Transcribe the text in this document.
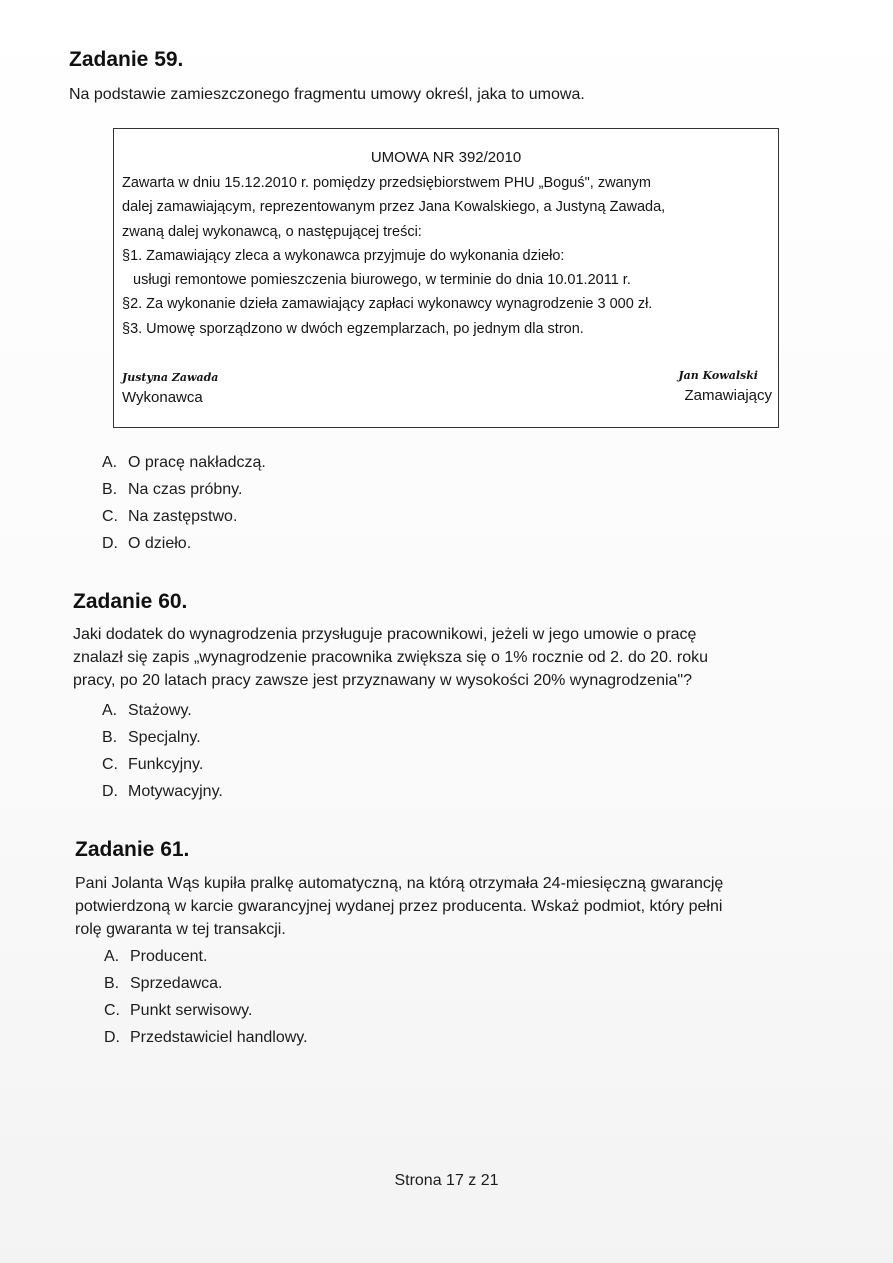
Zadanie 59.
Na podstawie zamieszczonego fragmentu umowy określ, jaka to umowa.
UMOWA NR 392/2010
Zawarta w dniu 15.12.2010 r. pomiędzy przedsiębiorstwem PHU „Boguś", zwanym
dalej zamawiającym, reprezentowanym przez Jana Kowalskiego, a Justyną Zawada,
zwaną dalej wykonawcą, o następującej treści:
§1. Zamawiający zleca a wykonawca przyjmuje do wykonania dzieło:
usługi remontowe pomieszczenia biurowego, w terminie do dnia 10.01.2011 r.
§2. Za wykonanie dzieła zamawiający zapłaci wykonawcy wynagrodzenie 3 000 zł.
§3. Umowę sporządzono w dwóch egzemplarzach, po jednym dla stron.
Justyna Zawada
Wykonawca
Jan Kowalski
Zamawiający
A. O pracę nakładczą.
B. Na czas próbny.
C. Na zastępstwo.
D. O dzieło.
Zadanie 60.
Jaki dodatek do wynagrodzenia przysługuje pracownikowi, jeżeli w jego umowie o pracę
znalazł się zapis „wynagrodzenie pracownika zwiększa się o 1% rocznie od 2. do 20. roku
pracy, po 20 latach pracy zawsze jest przyznawany w wysokości 20% wynagrodzenia"?
A. Stażowy.
B. Specjalny.
C. Funkcyjny.
D. Motywacyjny.
Zadanie 61.
Pani Jolanta Wąs kupiła pralkę automatyczną, na którą otrzymała 24-miesięczną gwarancję
potwierdzoną w karcie gwarancyjnej wydanej przez producenta. Wskaż podmiot, który pełni
rolę gwaranta w tej transakcji.
A. Producent.
B. Sprzedawca.
C. Punkt serwisowy.
D. Przedstawiciel handlowy.
Strona 17 z 21
